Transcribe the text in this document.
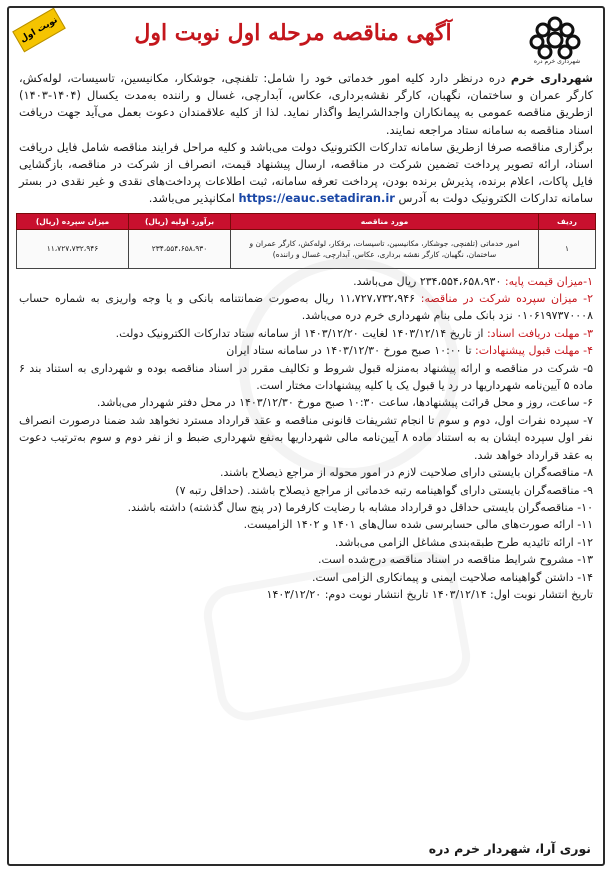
نوبت اول	آگهی مناقصه مرحله اول نوبت اول
شهرداری خرم دره

شهرداری خرم دره درنظر دارد کلیه امور خدماتی خود را شامل: تلفنچی، جوشکار، مکانیسین، تاسیسات، لوله‌کش، کارگر عمران و ساختمان، نگهبان، کارگر نقشه‌برداری، عکاس، آبدارچی، غسال و راننده به‌مدت یکسال (۱۴۰۴-۱۴۰۳) ازطریق مناقصه عمومی به پیمانکاران واجدالشرایط واگذار نماید. لذا از کلیه علاقمندان دعوت بعمل می‌آید جهت دریافت اسناد مناقصه به سامانه ستاد مراجعه نمایند.

برگزاری مناقصه صرفا ازطریق سامانه تدارکات الکترونیک دولت می‌باشد و کلیه مراحل فرایند مناقصه شامل فایل دریافت اسناد، ارائه تصویر پرداخت تضمین شرکت در مناقصه، ارسال پیشنهاد قیمت، انصراف از شرکت در مناقصه، بازگشایی فایل پاکات، اعلام برنده، پذیرش برنده بودن، پرداخت تعرفه سامانه، ثبت اطلاعات پرداخت‌های نقدی و غیر نقدی در بستر سامانه تدارکات الکترونیک دولت به آدرس https://eauc.setadiran.ir امکانپذیر می‌باشد.

ردیف	مورد مناقصه	برآورد اولیه (ریال)	میزان سپرده (ریال)
۱	امور خدماتی (تلفنچی، جوشکار، مکانیسین، تاسیسات، برقکار، لوله‌کش، کارگر عمران و ساختمان، نگهبان، کارگر نقشه برداری، عکاس، آبدارچی، غسال و راننده)	۲۳۴،۵۵۴،۶۵۸،۹۳۰	۱۱،۷۲۷،۷۳۲،۹۴۶

۱-میزان قیمت پایه: ۲۳۴،۵۵۴،۶۵۸،۹۳۰ ریال می‌باشد.

۲- میزان سپرده شرکت در مناقصه: ۱۱،۷۲۷،۷۳۲،۹۴۶ ریال به‌صورت ضمانتنامه بانکی و یا وجه واریزی به شماره حساب ۰۱۰۶۱۹۷۳۷۰۰۰۸ نزد بانک ملی بنام شهرداری خرم دره می‌باشد.

۳- مهلت دریافت اسناد: از تاریخ ۱۴۰۳/۱۲/۱۴ لغایت ۱۴۰۳/۱۲/۲۰ از سامانه ستاد تدارکات الکترونیک دولت.

۴- مهلت قبول پیشنهادات: تا ۱۰:۰۰ صبح مورخ ۱۴۰۳/۱۲/۳۰ در سامانه ستاد ایران

۵- شرکت در مناقصه و ارائه پیشنهاد به‌منزله قبول شروط و تکالیف مقرر در اسناد مناقصه بوده و شهرداری به استناد بند ۶ ماده ۵ آیین‌نامه شهرداریها در رد یا قبول یک یا کلیه پیشنهادات مختار است.

۶- ساعت، روز و محل قرائت پیشنهادها، ساعت ۱۰:۳۰ صبح مورخ ۱۴۰۳/۱۲/۳۰ در محل دفتر شهردار می‌باشد.

۷- سپرده نفرات اول، دوم و سوم تا انجام تشریفات قانونی مناقصه و عقد قرارداد مسترد نخواهد شد ضمنا درصورت انصراف نفر اول سپرده ایشان به به استناد ماده ۸ آیین‌نامه مالی شهرداریها به‌نفع شهرداری ضبط و از نفر دوم و سوم به‌ترتیب دعوت به عقد قرارداد خواهد شد.

۸- مناقصه‌گران بایستی دارای صلاحیت لازم در امور محوله از مراجع ذیصلاح باشند.

۹- مناقصه‌گران بایستی دارای گواهینامه رتبه خدماتی از مراجع ذیصلاح باشند. (حداقل رتبه ۷)

۱۰- مناقصه‌گران بایستی حداقل دو قرارداد مشابه با رضایت کارفرما (در پنج سال گذشته) داشته باشند.

۱۱- ارائه صورت‌های مالی حسابرسی شده سال‌های ۱۴۰۱ و ۱۴۰۲ الزامیست.

۱۲- ارائه تائیدیه طرح طبقه‌بندی مشاغل الزامی می‌باشد.

۱۳- مشروح شرایط مناقصه در اسناد مناقصه درج‌شده است.

۱۴- داشتن گواهینامه صلاحیت ایمنی و پیمانکاری الزامی است.

تاریخ انتشار نوبت اول: ۱۴۰۳/۱۲/۱۴ تاریخ انتشار نوبت دوم: ۱۴۰۳/۱۲/۲۰

نوری آرا، شهردار خرم دره
